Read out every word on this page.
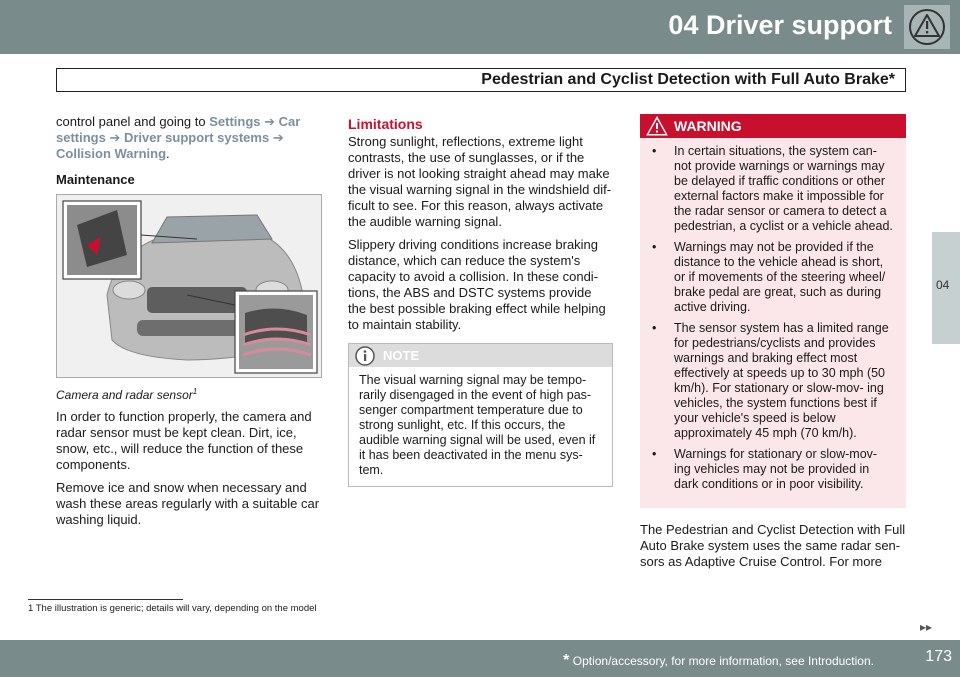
04 Driver support
Pedestrian and Cyclist Detection with Full Auto Brake*
04

control panel and going to Settings ➔ Car settings ➔ Driver support systems ➔ Collision Warning.

Maintenance

Camera and radar sensor$^1$

In order to function properly, the camera and radar sensor must be kept clean. Dirt, ice, snow, etc., will reduce the function of these components.

Remove ice and snow when necessary and wash these areas regularly with a suitable car washing liquid.

Limitations

Strong sunlight, reflections, extreme light contrasts, the use of sunglasses, or if the driver is not looking straight ahead may make the visual warning signal in the windshield dif- ficult to see. For this reason, always activate the audible warning signal.

Slippery driving conditions increase braking distance, which can reduce the system's capacity to avoid a collision. In these condi- tions, the ABS and DSTC systems provide the best possible braking effect while helping to maintain stability.

NOTE
The visual warning signal may be tempo- rarily disengaged in the event of high pas- senger compartment temperature due to strong sunlight, etc. If this occurs, the audible warning signal will be used, even if it has been deactivated in the menu sys- tem.
WARNING
• In certain situations, the system can- not provide warnings or warnings may be delayed if traffic conditions or other external factors make it impossible for the radar sensor or camera to detect a pedestrian, a cyclist or a vehicle ahead.
• Warnings may not be provided if the distance to the vehicle ahead is short, or if movements of the steering wheel/ brake pedal are great, such as during active driving.
• The sensor system has a limited range for pedestrians/cyclists and provides warnings and braking effect most effectively at speeds up to 30 mph (50 km/h). For stationary or slow-mov- ing vehicles, the system functions best if your vehicle's speed is below approximately 45 mph (70 km/h).
• Warnings for stationary or slow-mov- ing vehicles may not be provided in dark conditions or in poor visibility.

The Pedestrian and Cyclist Detection with Full Auto Brake system uses the same radar sen- sors as Adaptive Cruise Control. For more

1 The illustration is generic; details will vary, depending on the model
▸▸
* Option/accessory, for more information, see Introduction.	173
